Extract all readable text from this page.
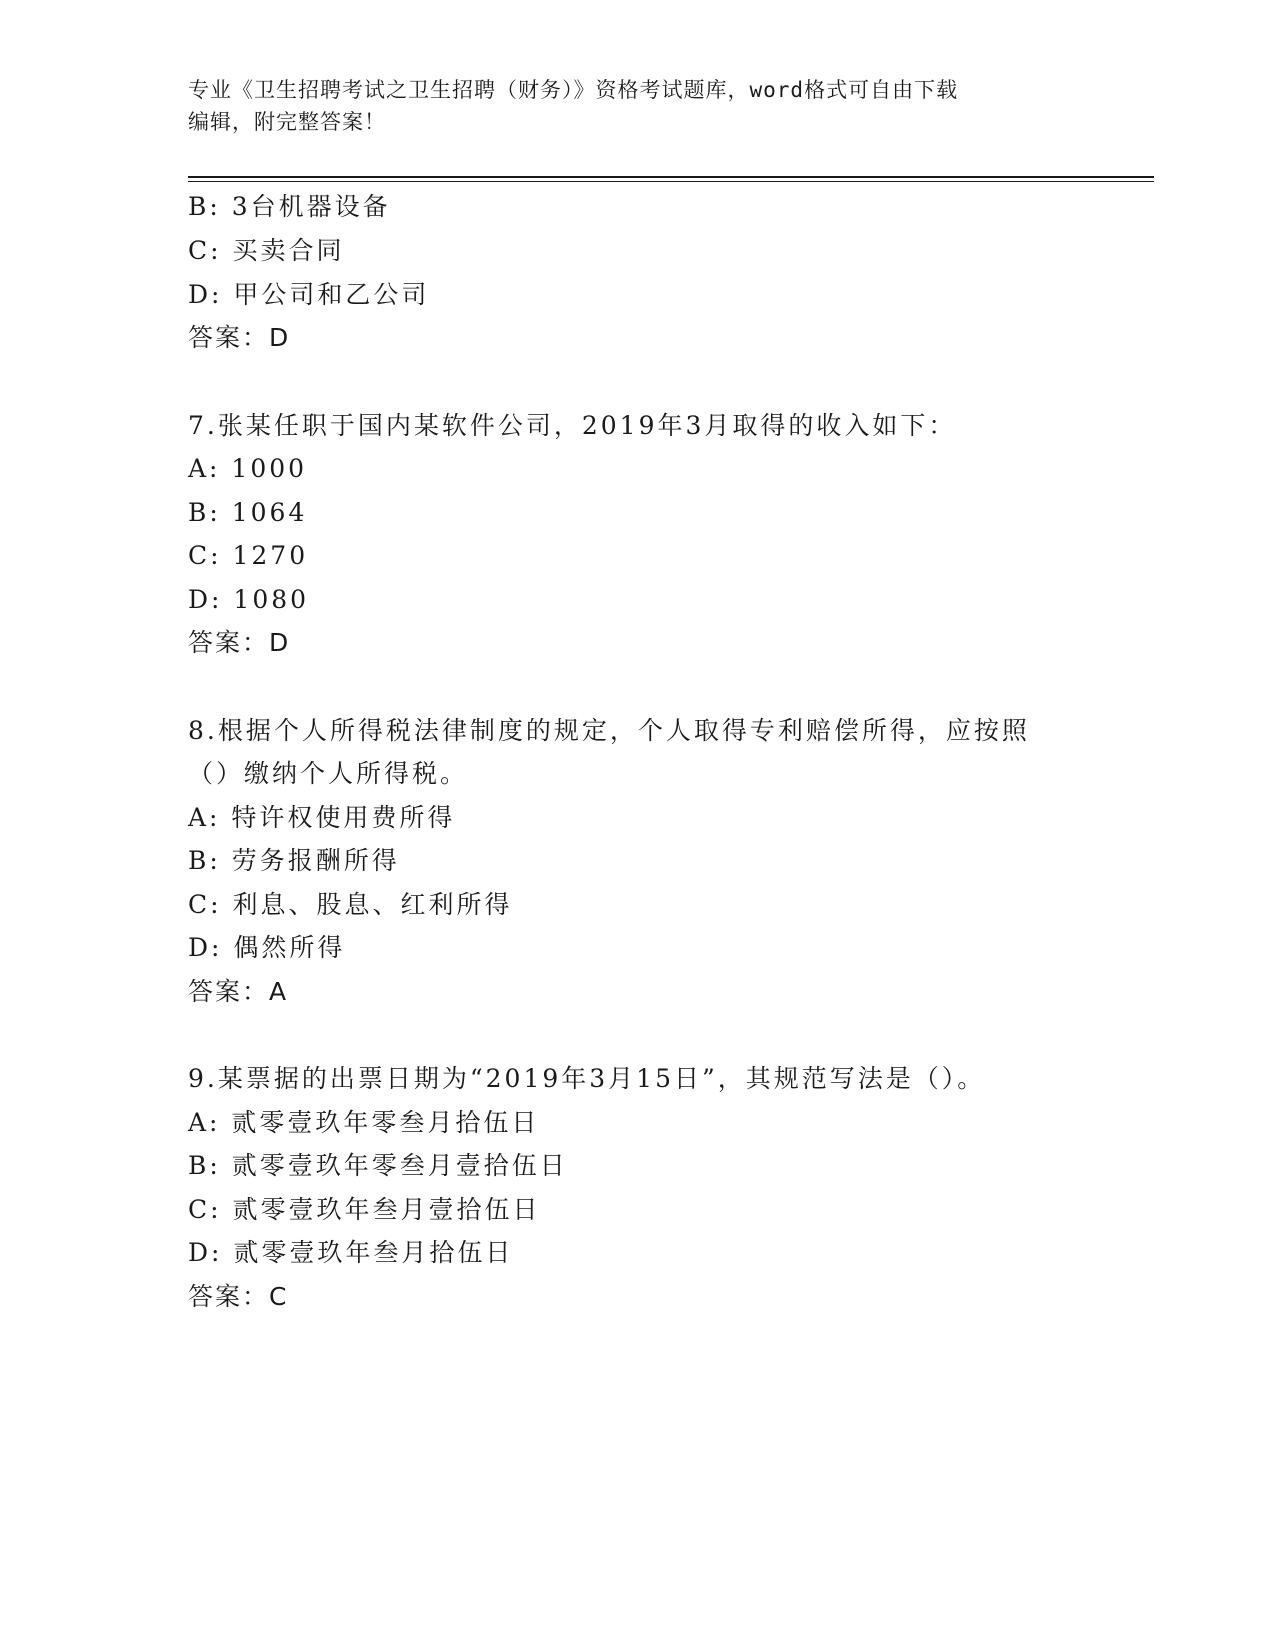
专业《卫生招聘考试之卫生招聘（财务）》资格考试题库，word格式可自由下载
编辑，附完整答案！
B: 3台机器设备
C: 买卖合同
D: 甲公司和乙公司
答案：D
7.张某任职于国内某软件公司，2019年3月取得的收入如下：
A: 1000
B: 1064
C: 1270
D: 1080
答案：D
8.根据个人所得税法律制度的规定，个人取得专利赔偿所得，应按照
（）缴纳个人所得税。
A: 特许权使用费所得
B: 劳务报酬所得
C: 利息、股息、红利所得
D: 偶然所得
答案：A
9.某票据的出票日期为“2019年3月15日”，其规范写法是（）。
A: 贰零壹玖年零叁月拾伍日
B: 贰零壹玖年零叁月壹拾伍日
C: 贰零壹玖年叁月壹拾伍日
D: 贰零壹玖年叁月拾伍日
答案：C
